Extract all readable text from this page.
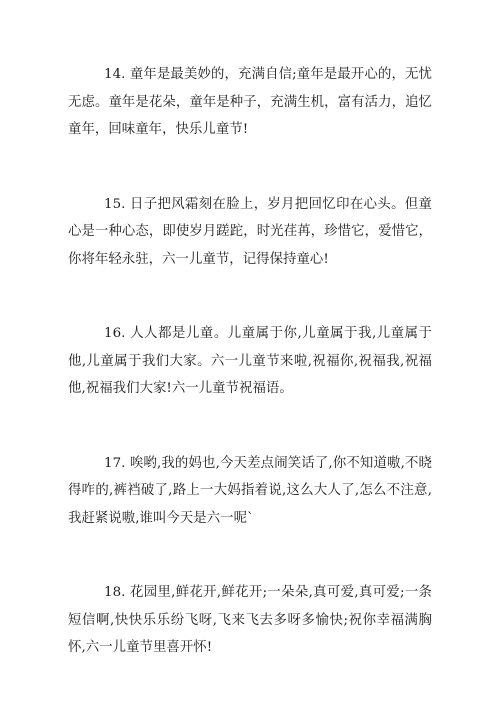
14. 童年是最美妙的，充满自信;童年是最开心的，无忧无虑。童年是花朵，童年是种子，充满生机，富有活力，追忆童年，回味童年，快乐儿童节!

15. 日子把风霜刻在脸上，岁月把回忆印在心头。但童心是一种心态，即使岁月蹉跎，时光荏苒，珍惜它，爱惜它，你将年轻永驻，六一儿童节，记得保持童心!

16. 人人都是儿童。儿童属于你,儿童属于我,儿童属于他,儿童属于我们大家。六一儿童节来啦,祝福你,祝福我,祝福他,祝福我们大家!六一儿童节祝福语。

17. 唉哟,我的妈也,今天差点闹笑话了,你不知道嗷,不晓得咋的,裤裆破了,路上一大妈指着说,这么大人了,怎么不注意,我赶紧说嗷,谁叫今天是六一呢`

18. 花园里,鲜花开,鲜花开;一朵朵,真可爱,真可爱;一条短信啊,快快乐乐纷飞呀,飞来飞去多呀多愉快;祝你幸福满胸怀,六一儿童节里喜开怀!
